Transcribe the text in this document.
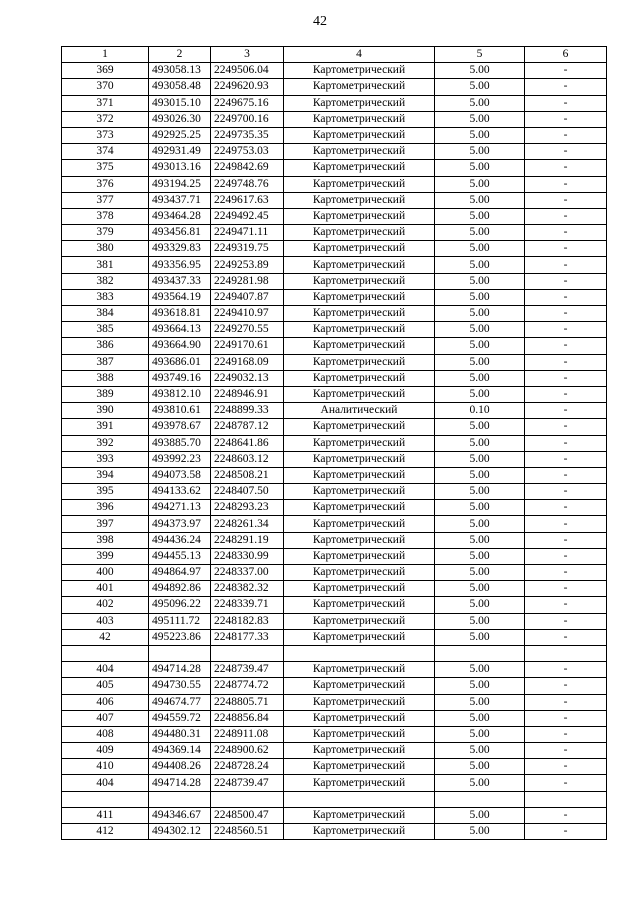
42
1	2	3	4	5	6
369	493058.13	2249506.04	Картометрический	5.00	-
370	493058.48	2249620.93	Картометрический	5.00	-
371	493015.10	2249675.16	Картометрический	5.00	-
372	493026.30	2249700.16	Картометрический	5.00	-
373	492925.25	2249735.35	Картометрический	5.00	-
374	492931.49	2249753.03	Картометрический	5.00	-
375	493013.16	2249842.69	Картометрический	5.00	-
376	493194.25	2249748.76	Картометрический	5.00	-
377	493437.71	2249617.63	Картометрический	5.00	-
378	493464.28	2249492.45	Картометрический	5.00	-
379	493456.81	2249471.11	Картометрический	5.00	-
380	493329.83	2249319.75	Картометрический	5.00	-
381	493356.95	2249253.89	Картометрический	5.00	-
382	493437.33	2249281.98	Картометрический	5.00	-
383	493564.19	2249407.87	Картометрический	5.00	-
384	493618.81	2249410.97	Картометрический	5.00	-
385	493664.13	2249270.55	Картометрический	5.00	-
386	493664.90	2249170.61	Картометрический	5.00	-
387	493686.01	2249168.09	Картометрический	5.00	-
388	493749.16	2249032.13	Картометрический	5.00	-
389	493812.10	2248946.91	Картометрический	5.00	-
390	493810.61	2248899.33	Аналитический	0.10	-
391	493978.67	2248787.12	Картометрический	5.00	-
392	493885.70	2248641.86	Картометрический	5.00	-
393	493992.23	2248603.12	Картометрический	5.00	-
394	494073.58	2248508.21	Картометрический	5.00	-
395	494133.62	2248407.50	Картометрический	5.00	-
396	494271.13	2248293.23	Картометрический	5.00	-
397	494373.97	2248261.34	Картометрический	5.00	-
398	494436.24	2248291.19	Картометрический	5.00	-
399	494455.13	2248330.99	Картометрический	5.00	-
400	494864.97	2248337.00	Картометрический	5.00	-
401	494892.86	2248382.32	Картометрический	5.00	-
402	495096.22	2248339.71	Картометрический	5.00	-
403	495111.72	2248182.83	Картометрический	5.00	-
42	495223.86	2248177.33	Картометрический	5.00	-

404	494714.28	2248739.47	Картометрический	5.00	-
405	494730.55	2248774.72	Картометрический	5.00	-
406	494674.77	2248805.71	Картометрический	5.00	-
407	494559.72	2248856.84	Картометрический	5.00	-
408	494480.31	2248911.08	Картометрический	5.00	-
409	494369.14	2248900.62	Картометрический	5.00	-
410	494408.26	2248728.24	Картометрический	5.00	-
404	494714.28	2248739.47	Картометрический	5.00	-

411	494346.67	2248500.47	Картометрический	5.00	-
412	494302.12	2248560.51	Картометрический	5.00	-
